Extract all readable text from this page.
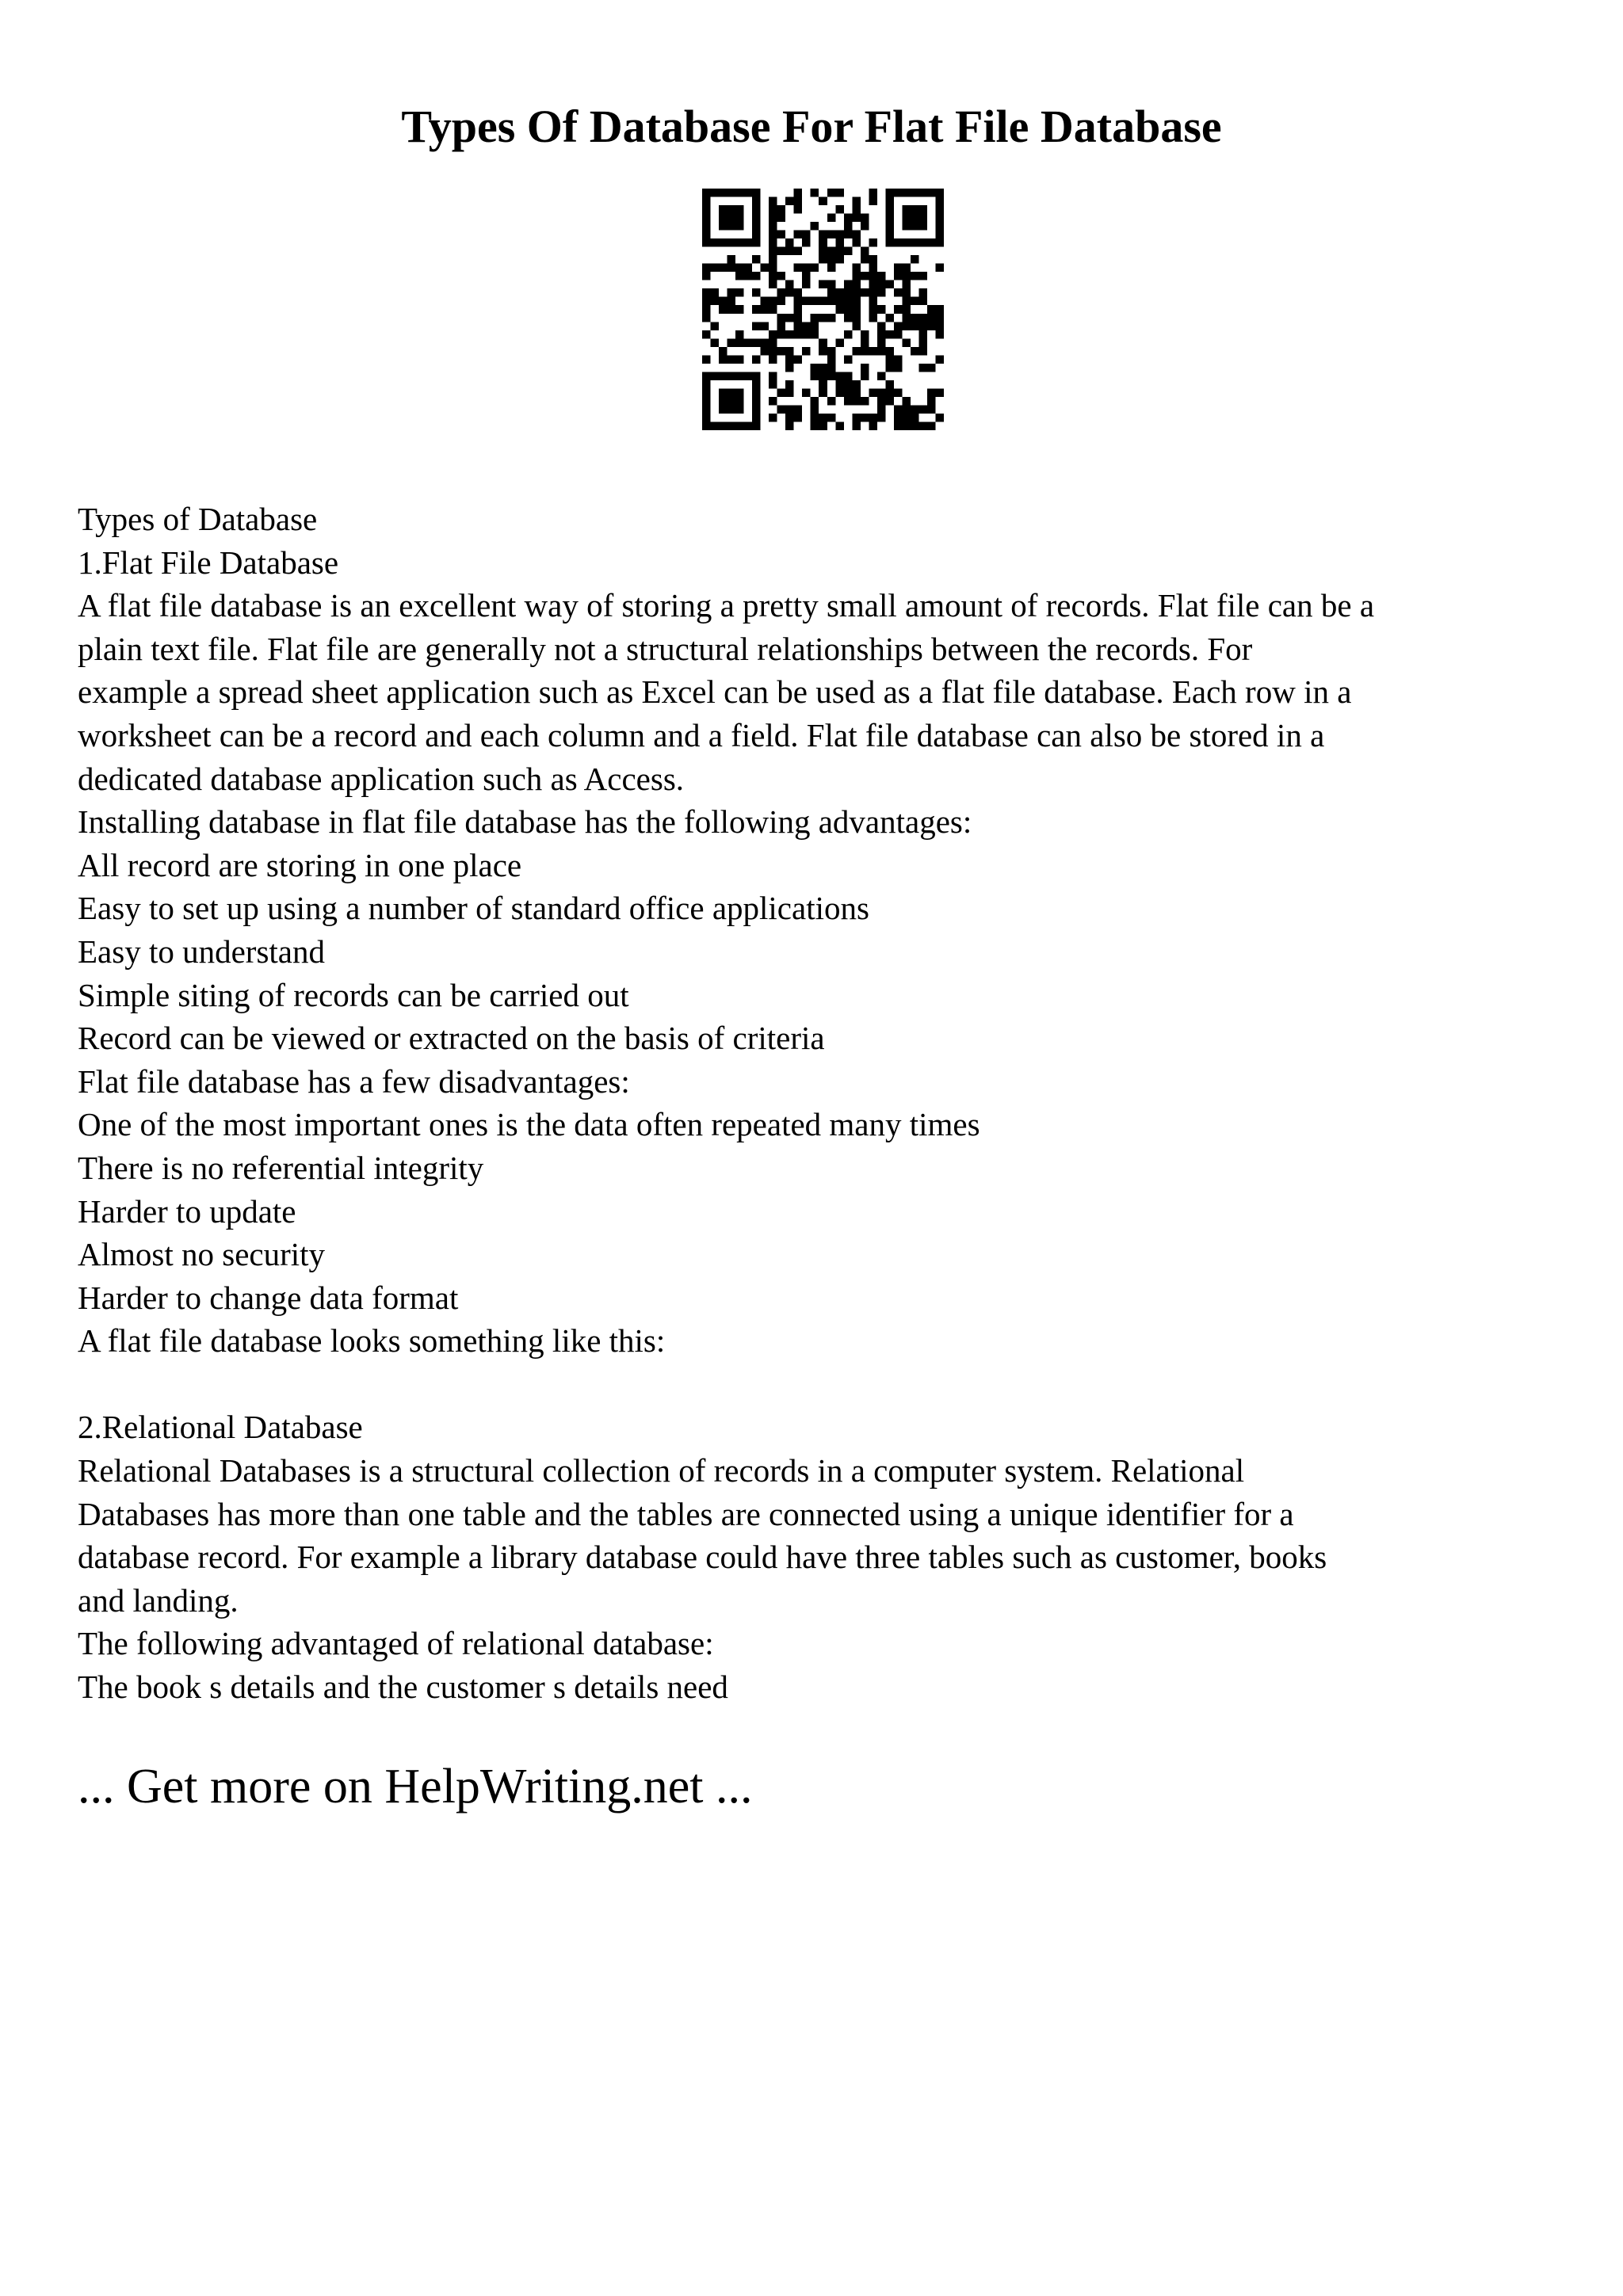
Types Of Database For Flat File Database
Types of Database
1.Flat File Database
A flat file database is an excellent way of storing a pretty small amount of records. Flat file can be a
plain text file. Flat file are generally not a structural relationships between the records. For
example a spread sheet application such as Excel can be used as a flat file database. Each row in a
worksheet can be a record and each column and a field. Flat file database can also be stored in a
dedicated database application such as Access.
Installing database in flat file database has the following advantages:
All record are storing in one place
Easy to set up using a number of standard office applications
Easy to understand
Simple siting of records can be carried out
Record can be viewed or extracted on the basis of criteria
Flat file database has a few disadvantages:
One of the most important ones is the data often repeated many times
There is no referential integrity
Harder to update
Almost no security
Harder to change data format
A flat file database looks something like this:
2.Relational Database
Relational Databases is a structural collection of records in a computer system. Relational
Databases has more than one table and the tables are connected using a unique identifier for a
database record. For example a library database could have three tables such as customer, books
and landing.
The following advantaged of relational database:
The book s details and the customer s details need
... Get more on HelpWriting.net ...
